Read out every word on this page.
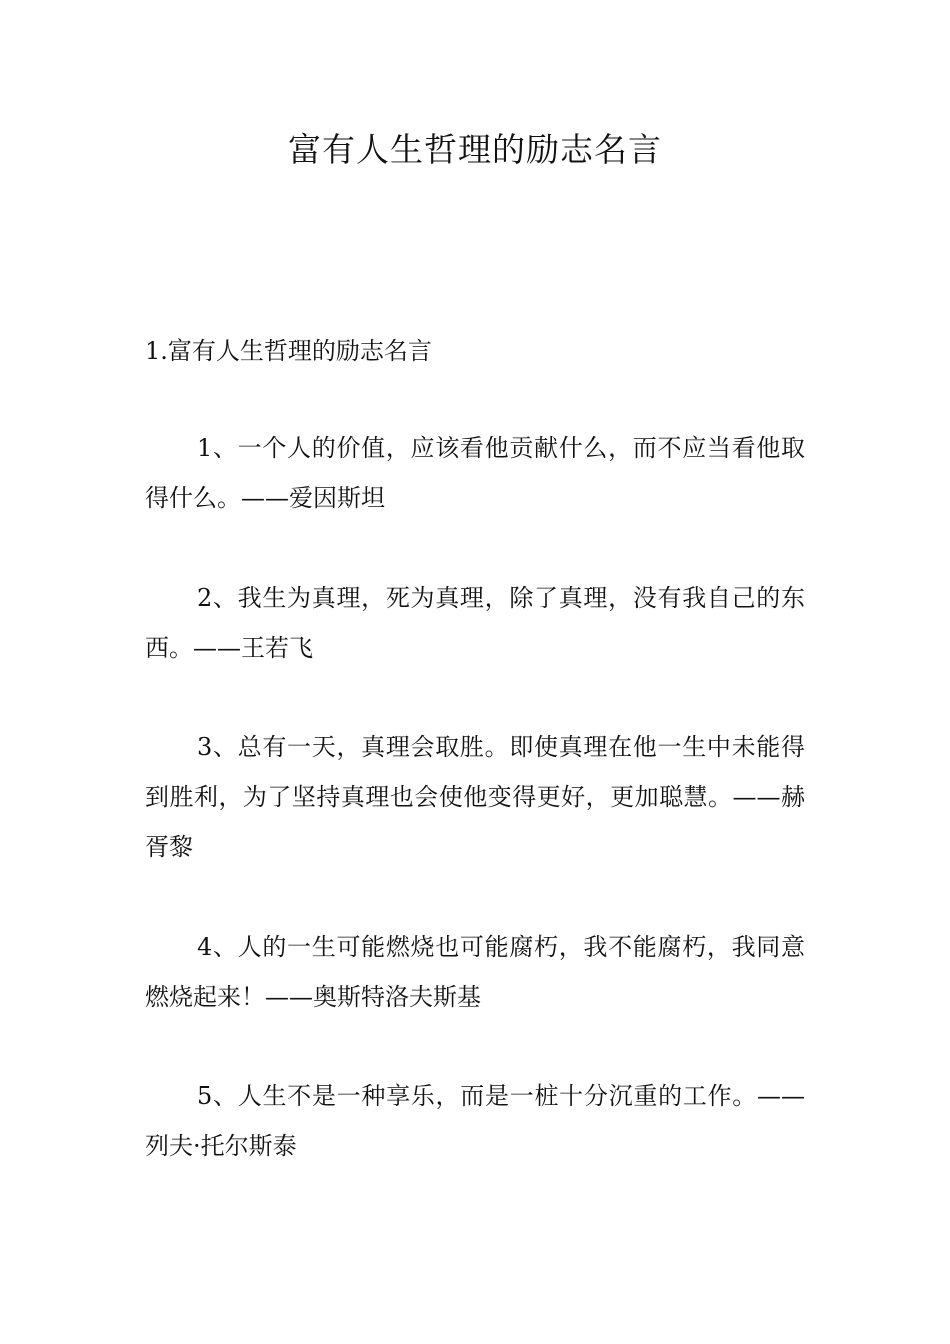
富有人生哲理的励志名言
1.富有人生哲理的励志名言

1、一个人的价值，应该看他贡献什么，而不应当看他取得什么。——爱因斯坦

2、我生为真理，死为真理，除了真理，没有我自己的东西。——王若飞

3、总有一天，真理会取胜。即使真理在他一生中未能得到胜利，为了坚持真理也会使他变得更好，更加聪慧。——赫胥黎

4、人的一生可能燃烧也可能腐朽，我不能腐朽，我同意燃烧起来！——奥斯特洛夫斯基

5、人生不是一种享乐，而是一桩十分沉重的工作。——列夫·托尔斯泰
